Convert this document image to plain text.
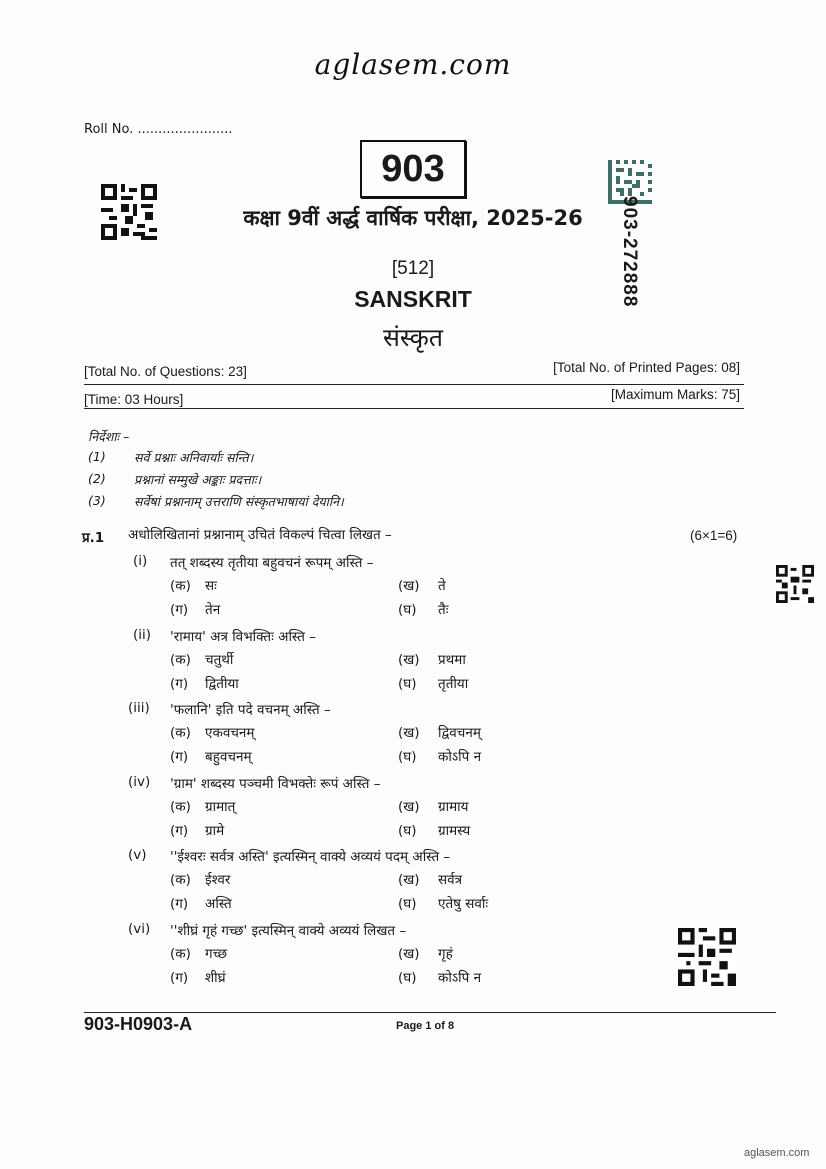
aglasem.com
Roll No. .......................
903
कक्षा 9वीं अर्द्ध वार्षिक परीक्षा, 2025-26
[512]
SANSKRIT
संस्कृत
903-272888
[Total No. of Questions: 23]	[Total No. of Printed Pages: 08]
[Time: 03 Hours]	[Maximum Marks: 75]
निर्देशाः –
(1) सर्वे प्रश्नाः अनिवार्याः सन्ति।
(2) प्रश्नानां सम्मुखे अङ्काः प्रदत्ताः।
(3) सर्वेषां प्रश्नानाम् उत्तराणि संस्कृतभाषायां देयानि।
प्र.1 अधोलिखितानां प्रश्नानाम् उचितं विकल्पं चित्वा लिखत –	(6×1=6)
(i) तत् शब्दस्य तृतीया बहुवचनं रूपम् अस्ति –
(क) सः	(ख) ते
(ग) तेन	(घ) तैः
(ii) 'रामाय' अत्र विभक्तिः अस्ति –
(क) चतुर्थी	(ख) प्रथमा
(ग) द्वितीया	(घ) तृतीया
(iii) 'फलानि' इति पदे वचनम् अस्ति –
(क) एकवचनम्	(ख) द्विवचनम्
(ग) बहुवचनम्	(घ) कोऽपि न
(iv) 'ग्राम' शब्दस्य पञ्चमी विभक्तेः रूपं अस्ति –
(क) ग्रामात्	(ख) ग्रामाय
(ग) ग्रामे	(घ) ग्रामस्य
(v) ''ईश्वरः सर्वत्र अस्ति' इत्यस्मिन् वाक्ये अव्ययं पदम् अस्ति –
(क) ईश्वर	(ख) सर्वत्र
(ग) अस्ति	(घ) एतेषु सर्वाः
(vi) ''शीघ्रं गृहं गच्छ' इत्यस्मिन् वाक्ये अव्ययं लिखत –
(क) गच्छ	(ख) गृहं
(ग) शीघ्रं	(घ) कोऽपि न
903-H0903-A	Page 1 of 8
aglasem.com
